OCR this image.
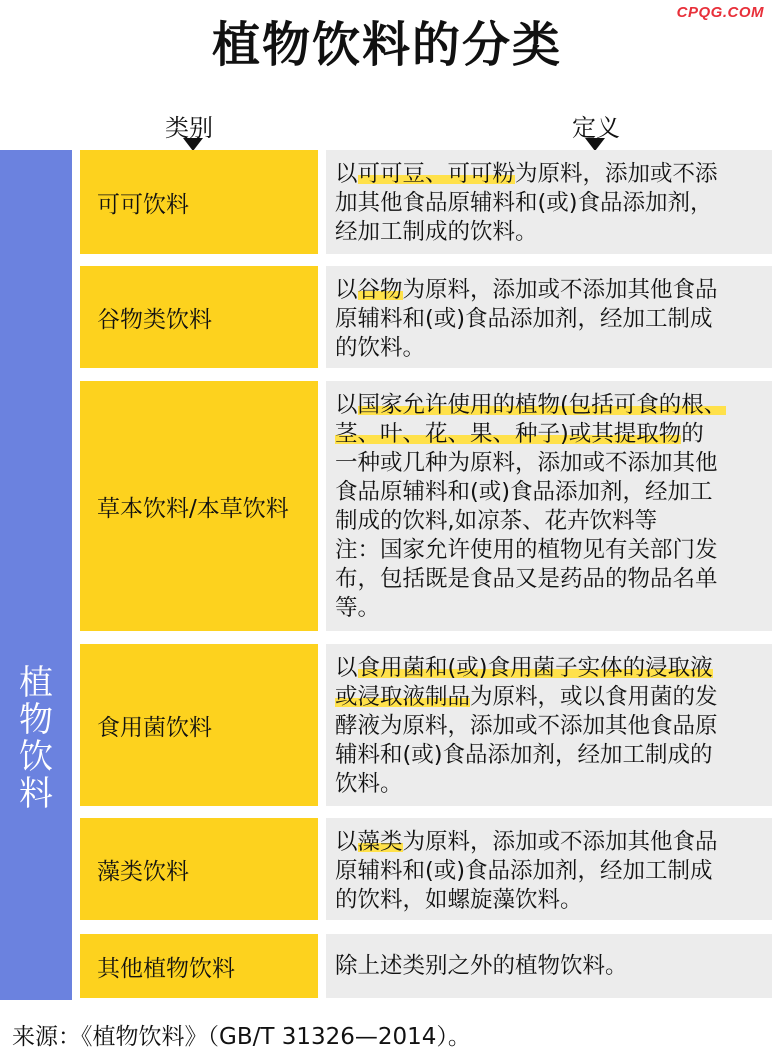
CPQG.COM
植物饮料的分类
类别	定义
植
物
饮
料
可可饮料

以可可豆、可可粉为原料，添加或不添

加其他食品原辅料和(或)食品添加剂，

经加工制成的饮料。

谷物类饮料

以谷物为原料，添加或不添加其他食品

原辅料和(或)食品添加剂，经加工制成

的饮料。

草本饮料/本草饮料

以国家允许使用的植物(包括可食的根、

茎、叶、花、果、种子)或其提取物的

一种或几种为原料，添加或不添加其他

食品原辅料和(或)食品添加剂，经加工

制成的饮料,如凉茶、花卉饮料等

注：国家允许使用的植物见有关部门发

布，包括既是食品又是药品的物品名单

等。

食用菌饮料

以食用菌和(或)食用菌子实体的浸取液

或浸取液制品为原料，或以食用菌的发

酵液为原料，添加或不添加其他食品原

辅料和(或)食品添加剂，经加工制成的

饮料。

藻类饮料

以藻类为原料，添加或不添加其他食品

原辅料和(或)食品添加剂，经加工制成

的饮料，如螺旋藻饮料。

其他植物饮料	除上述类别之外的植物饮料。

来源：《植物饮料》（GB/T 31326—2014）。
